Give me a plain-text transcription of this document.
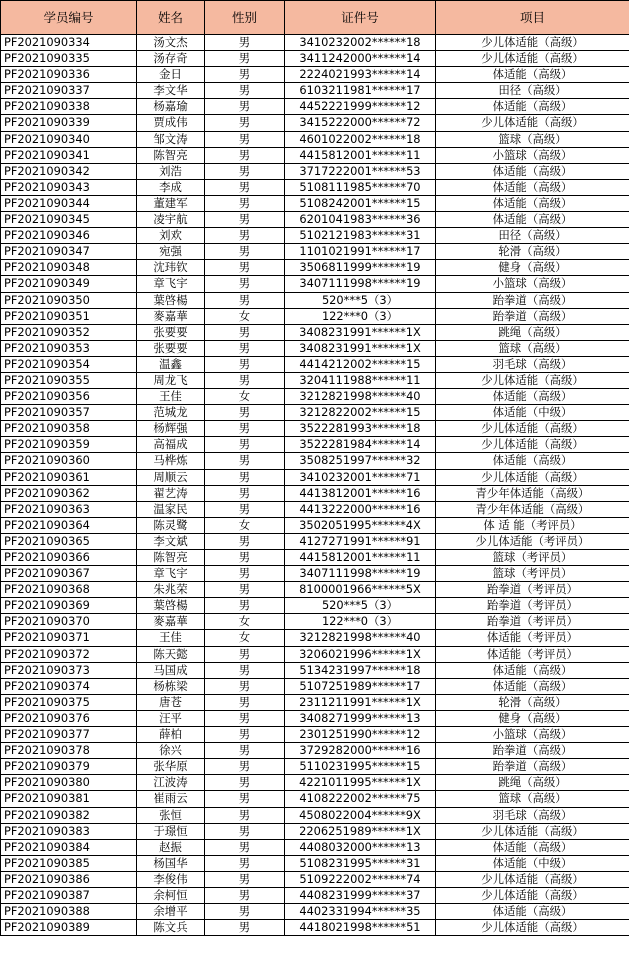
学员编号	姓名	性别	证件号	项目
PF2021090334	汤文杰	男	3410232002******18	少儿体适能（高级）
PF2021090335	汤存奇	男	3411242000******14	少儿体适能（高级）
PF2021090336	金日	男	2224021993******14	体适能（高级）
PF2021090337	李文华	男	6103211981******17	田径（高级）
PF2021090338	杨嘉瑜	男	4452221999******12	体适能（高级）
PF2021090339	贾成伟	男	3415222000******72	少儿体适能（高级）
PF2021090340	邹文涛	男	4601022002******18	篮球（高级）
PF2021090341	陈智亮	男	4415812001******11	小篮球（高级）
PF2021090342	刘浩	男	3717222001******53	体适能（高级）
PF2021090343	李成	男	5108111985******70	体适能（高级）
PF2021090344	董建军	男	5108242001******15	体适能（高级）
PF2021090345	凌宇航	男	6201041983******36	体适能（高级）
PF2021090346	刘欢	男	5102121983******31	田径（高级）
PF2021090347	宛强	男	1101021991******17	轮滑（高级）
PF2021090348	沈玮钦	男	3506811999******19	健身（高级）
PF2021090349	章飞宇	男	3407111998******19	小篮球（高级）
PF2021090350	葉啓楊	男	520***5（3）	跆拳道（高级）
PF2021090351	麥嘉華	女	122***0（3）	跆拳道（高级）
PF2021090352	张要要	男	3408231991******1X	跳绳（高级）
PF2021090353	张要要	男	3408231991******1X	篮球（高级）
PF2021090354	温鑫	男	4414212002******15	羽毛球（高级）
PF2021090355	周龙飞	男	3204111988******11	少儿体适能（高级）
PF2021090356	王佳	女	3212821998******40	体适能（高级）
PF2021090357	范城龙	男	3212822002******15	体适能（中级）
PF2021090358	杨辉强	男	3522281993******18	少儿体适能（高级）
PF2021090359	高福成	男	3522281984******14	少儿体适能（高级）
PF2021090360	马桦炼	男	3508251997******32	体适能（高级）
PF2021090361	周顺云	男	3410232001******71	少儿体适能（高级）
PF2021090362	翟艺涛	男	4413812001******16	青少年体适能（高级）
PF2021090363	温家民	男	4413222000******16	青少年体适能（高级）
PF2021090364	陈灵鹭	女	3502051995******4X	体 适 能（考评员）
PF2021090365	李文斌	男	4127271991******91	少儿体适能（考评员）
PF2021090366	陈智亮	男	4415812001******11	篮球（考评员）
PF2021090367	章飞宇	男	3407111998******19	篮球（考评员）
PF2021090368	朱兆荣	男	8100001966******5X	跆拳道（考评员）
PF2021090369	葉啓楊	男	520***5（3）	跆拳道（考评员）
PF2021090370	麥嘉華	女	122***0（3）	跆拳道（考评员）
PF2021090371	王佳	女	3212821998******40	体适能（考评员）
PF2021090372	陈天懿	男	3206021996******1X	体适能（考评员）
PF2021090373	马国成	男	5134231997******18	体适能（高级）
PF2021090374	杨栋梁	男	5107251989******17	体适能（高级）
PF2021090375	唐苍	男	2311211991******1X	轮滑（高级）
PF2021090376	汪平	男	3408271999******13	健身（高级）
PF2021090377	薛柏	男	2301251990******12	小篮球（高级）
PF2021090378	徐兴	男	3729282000******16	跆拳道（高级）
PF2021090379	张华原	男	5110231995******15	跆拳道（高级）
PF2021090380	江波涛	男	4221011995******1X	跳绳（高级）
PF2021090381	崔雨云	男	4108222002******75	篮球（高级）
PF2021090382	张恒	男	4508022004******9X	羽毛球（高级）
PF2021090383	于璟恒	男	2206251989******1X	少儿体适能（高级）
PF2021090384	赵振	男	4408032000******13	体适能（高级）
PF2021090385	杨国华	男	5108231995******31	体适能（中级）
PF2021090386	李俊伟	男	5109222002******74	少儿体适能（高级）
PF2021090387	余柯恒	男	4408231999******37	少儿体适能（高级）
PF2021090388	余增平	男	4402331994******35	体适能（高级）
PF2021090389	陈文兵	男	4418021998******51	少儿体适能（高级）
